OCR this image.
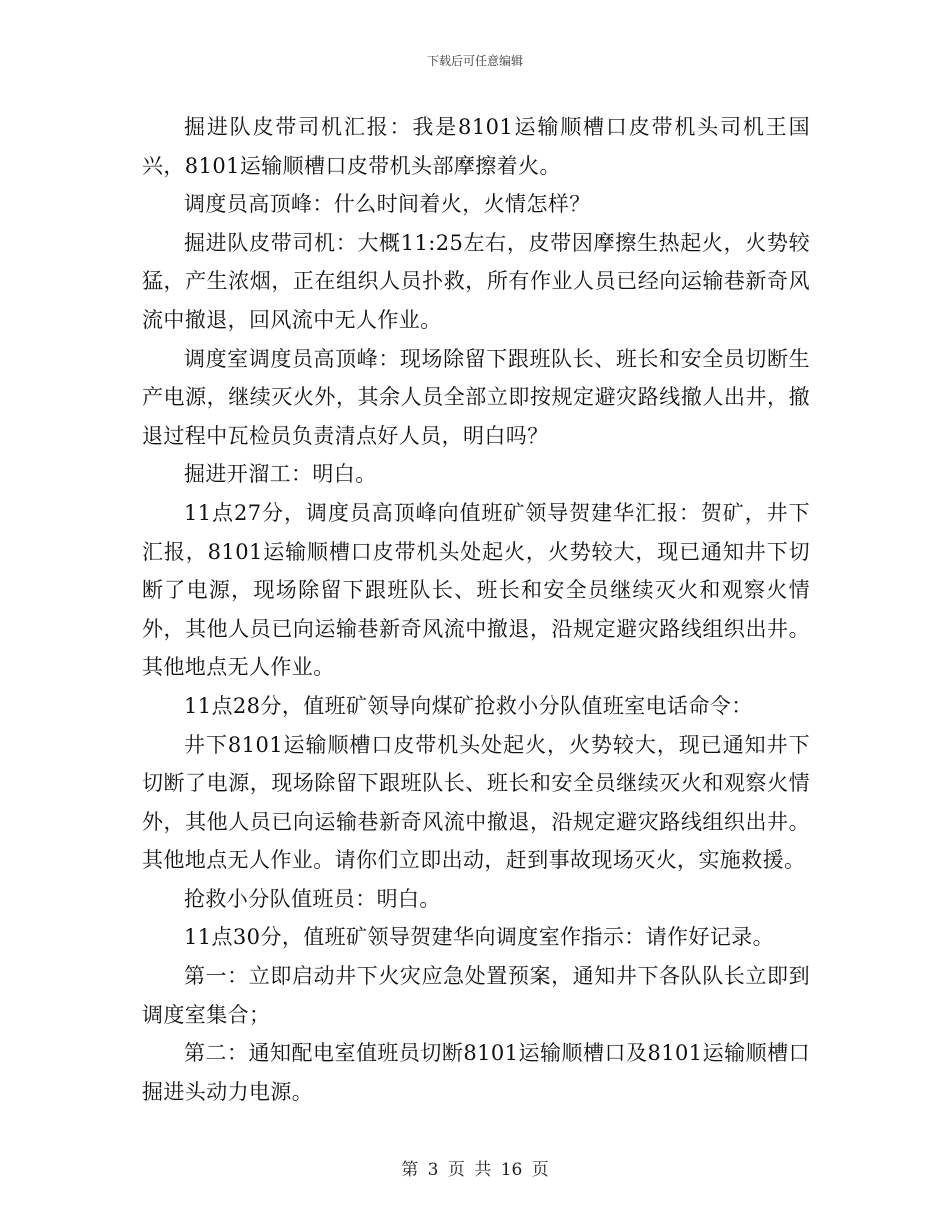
下载后可任意编辑

掘进队皮带司机汇报：我是8101运输顺槽口皮带机头司机王国兴，8101运输顺槽口皮带机头部摩擦着火。

调度员高顶峰：什么时间着火，火情怎样？

掘进队皮带司机：大概11:25左右，皮带因摩擦生热起火，火势较猛，产生浓烟，正在组织人员扑救，所有作业人员已经向运输巷新奇风流中撤退，回风流中无人作业。

调度室调度员高顶峰：现场除留下跟班队长、班长和安全员切断生产电源，继续灭火外，其余人员全部立即按规定避灾路线撤人出井，撤退过程中瓦检员负责清点好人员，明白吗？

掘进开溜工：明白。

11点27分，调度员高顶峰向值班矿领导贺建华汇报：贺矿，井下汇报，8101运输顺槽口皮带机头处起火，火势较大，现已通知井下切断了电源，现场除留下跟班队长、班长和安全员继续灭火和观察火情外，其他人员已向运输巷新奇风流中撤退，沿规定避灾路线组织出井。其他地点无人作业。

11点28分，值班矿领导向煤矿抢救小分队值班室电话命令：

井下8101运输顺槽口皮带机头处起火，火势较大，现已通知井下切断了电源，现场除留下跟班队长、班长和安全员继续灭火和观察火情外，其他人员已向运输巷新奇风流中撤退，沿规定避灾路线组织出井。其他地点无人作业。请你们立即出动，赶到事故现场灭火，实施救援。

抢救小分队值班员：明白。

11点30分，值班矿领导贺建华向调度室作指示：请作好记录。

第一：立即启动井下火灾应急处置预案，通知井下各队队长立即到调度室集合；

第二：通知配电室值班员切断8101运输顺槽口及8101运输顺槽口掘进头动力电源。

第 3 页 共 16 页
